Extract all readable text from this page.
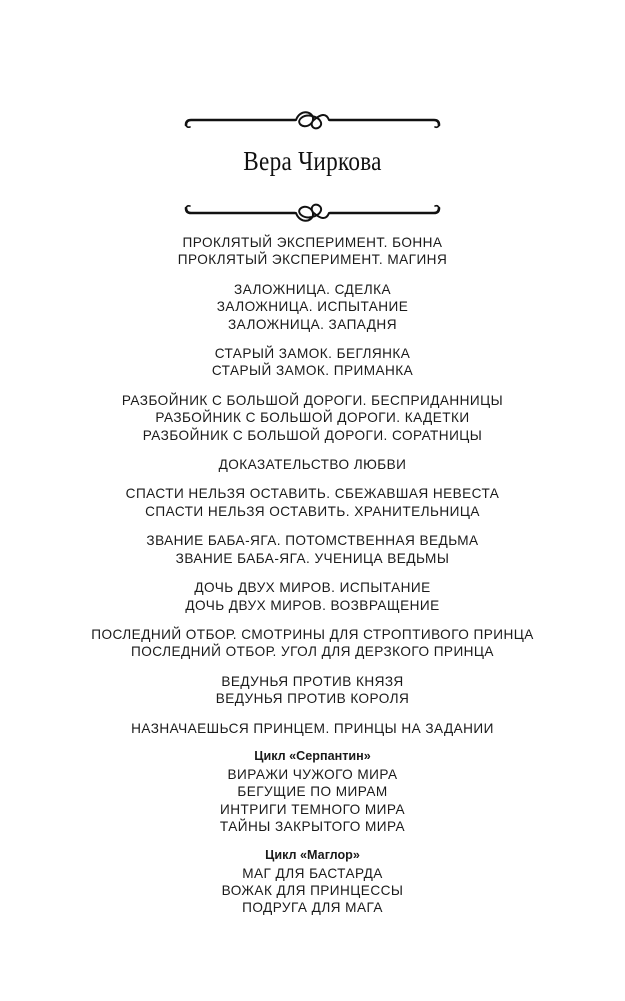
Вера Чиркова
ПРОКЛЯТЫЙ ЭКСПЕРИМЕНТ. БОННА
ПРОКЛЯТЫЙ ЭКСПЕРИМЕНТ. МАГИНЯ
ЗАЛОЖНИЦА. СДЕЛКА
ЗАЛОЖНИЦА. ИСПЫТАНИЕ
ЗАЛОЖНИЦА. ЗАПАДНЯ
СТАРЫЙ ЗАМОК. БЕГЛЯНКА
СТАРЫЙ ЗАМОК. ПРИМАНКА
РАЗБОЙНИК С БОЛЬШОЙ ДОРОГИ. БЕСПРИДАННИЦЫ
РАЗБОЙНИК С БОЛЬШОЙ ДОРОГИ. КАДЕТКИ
РАЗБОЙНИК С БОЛЬШОЙ ДОРОГИ. СОРАТНИЦЫ
ДОКАЗАТЕЛЬСТВО ЛЮБВИ
СПАСТИ НЕЛЬЗЯ ОСТАВИТЬ. СБЕЖАВШАЯ НЕВЕСТА
СПАСТИ НЕЛЬЗЯ ОСТАВИТЬ. ХРАНИТЕЛЬНИЦА
ЗВАНИЕ БАБА-ЯГА. ПОТОМСТВЕННАЯ ВЕДЬМА
ЗВАНИЕ БАБА-ЯГА. УЧЕНИЦА ВЕДЬМЫ
ДОЧЬ ДВУХ МИРОВ. ИСПЫТАНИЕ
ДОЧЬ ДВУХ МИРОВ. ВОЗВРАЩЕНИЕ
ПОСЛЕДНИЙ ОТБОР. СМОТРИНЫ ДЛЯ СТРОПТИВОГО ПРИНЦА
ПОСЛЕДНИЙ ОТБОР. УГОЛ ДЛЯ ДЕРЗКОГО ПРИНЦА
ВЕДУНЬЯ ПРОТИВ КНЯЗЯ
ВЕДУНЬЯ ПРОТИВ КОРОЛЯ
НАЗНАЧАЕШЬСЯ ПРИНЦЕМ. ПРИНЦЫ НА ЗАДАНИИ
Цикл «Серпантин»
ВИРАЖИ ЧУЖОГО МИРА
БЕГУЩИЕ ПО МИРАМ
ИНТРИГИ ТЕМНОГО МИРА
ТАЙНЫ ЗАКРЫТОГО МИРА
Цикл «Маглор»
МАГ ДЛЯ БАСТАРДА
ВОЖАК ДЛЯ ПРИНЦЕССЫ
ПОДРУГА ДЛЯ МАГА
